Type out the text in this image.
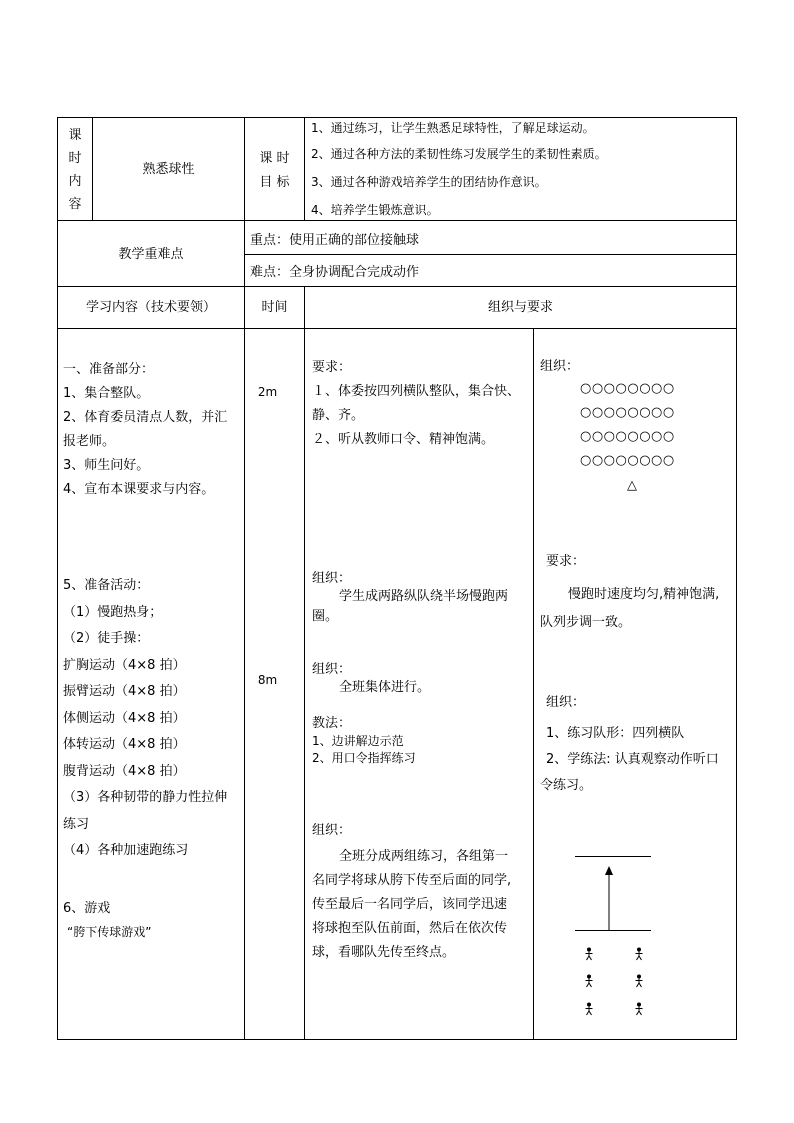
课
时
内
容
熟悉球性
课 时
目 标
1、通过练习，让学生熟悉足球特性，了解足球运动。
2、通过各种方法的柔韧性练习发展学生的柔韧性素质。
3、通过各种游戏培养学生的团结协作意识。
4、培养学生锻炼意识。
教学重难点
重点：使用正确的部位接触球
难点：全身协调配合完成动作
学习内容（技术要领）	时间	组织与要求
一、准备部分：
1、集合整队。
2、体育委员清点人数，并汇
报老师。
3、师生问好。
4、宣布本课要求与内容。
2m
要求：
１、体委按四列横队整队，集合快、
静、齐。
２、听从教师口令、精神饱满。
组织：
○○○○○○○○
○○○○○○○○
○○○○○○○○
○○○○○○○○
△
5、准备活动：
（1）慢跑热身；
（2）徒手操：
扩胸运动（4×8 拍）
振臂运动（4×8 拍）
体侧运动（4×8 拍）
体转运动（4×8 拍）
腹背运动（4×8 拍）
（3）各种韧带的静力性拉伸
练习
（4）各种加速跑练习
8m
组织：
学生成两路纵队绕半场慢跑两
圈。
组织：
全班集体进行。
教法：
1、边讲解边示范
2、用口令指挥练习
要求：
慢跑时速度均匀,精神饱满,
队列步调一致。
组织：
1、练习队形：四列横队
2、学练法: 认真观察动作听口
令练习。
6、游戏
“胯下传球游戏”
组织：
全班分成两组练习，各组第一
名同学将球从胯下传至后面的同学,
传至最后一名同学后，该同学迅速
将球抱至队伍前面，然后在依次传
球，看哪队先传至终点。
